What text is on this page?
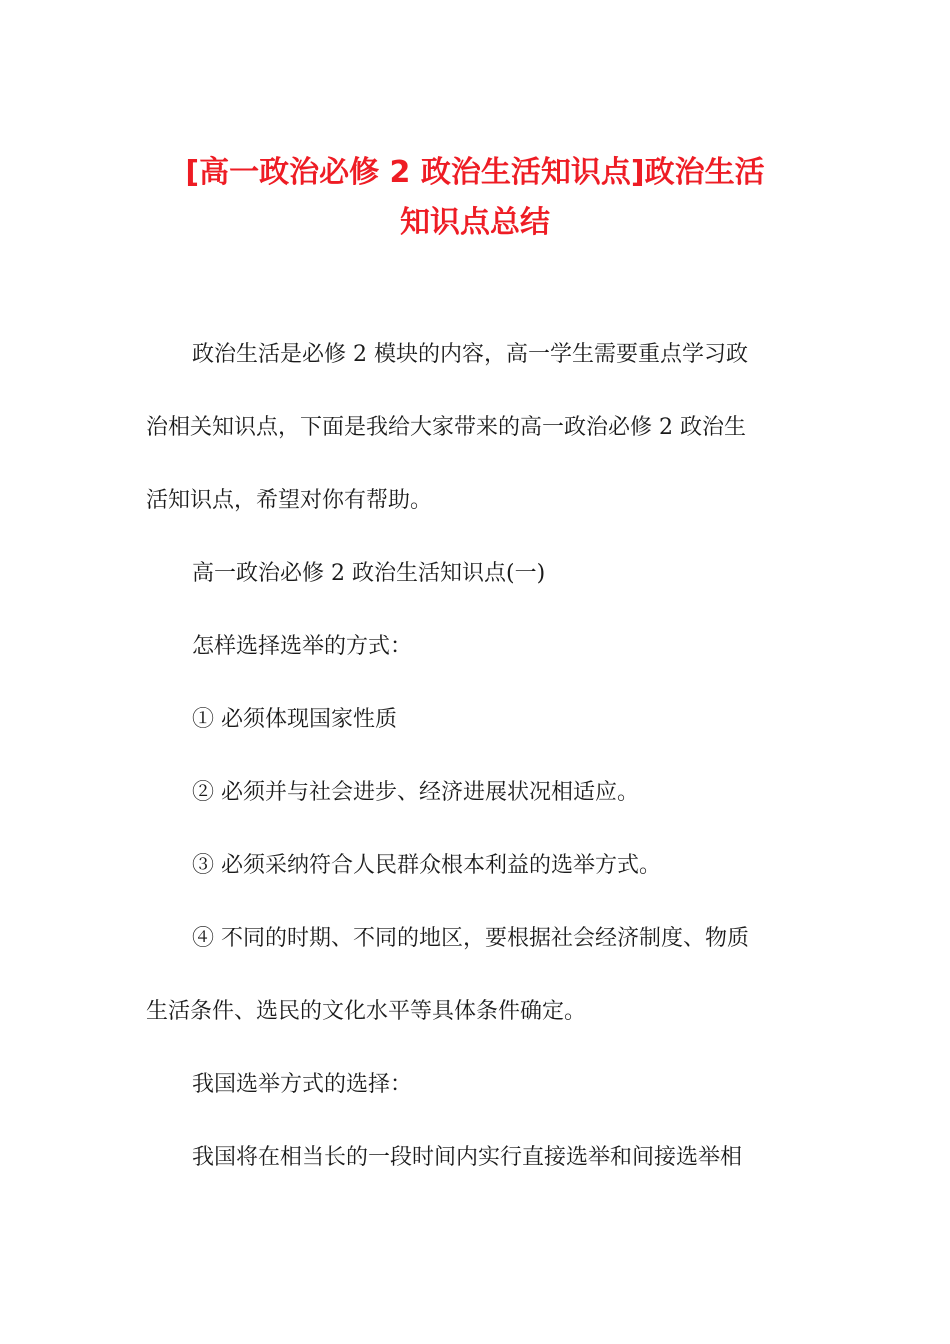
[高一政治必修 2 政治生活知识点]政治生活
知识点总结
政治生活是必修 2 模块的内容，高一学生需要重点学习政
治相关知识点，下面是我给大家带来的高一政治必修 2 政治生
活知识点，希望对你有帮助。
高一政治必修 2 政治生活知识点(一)
怎样选择选举的方式：
① 必须体现国家性质
② 必须并与社会进步、经济进展状况相适应。
③ 必须采纳符合人民群众根本利益的选举方式。
④ 不同的时期、不同的地区，要根据社会经济制度、物质
生活条件、选民的文化水平等具体条件确定。
我国选举方式的选择：
我国将在相当长的一段时间内实行直接选举和间接选举相
